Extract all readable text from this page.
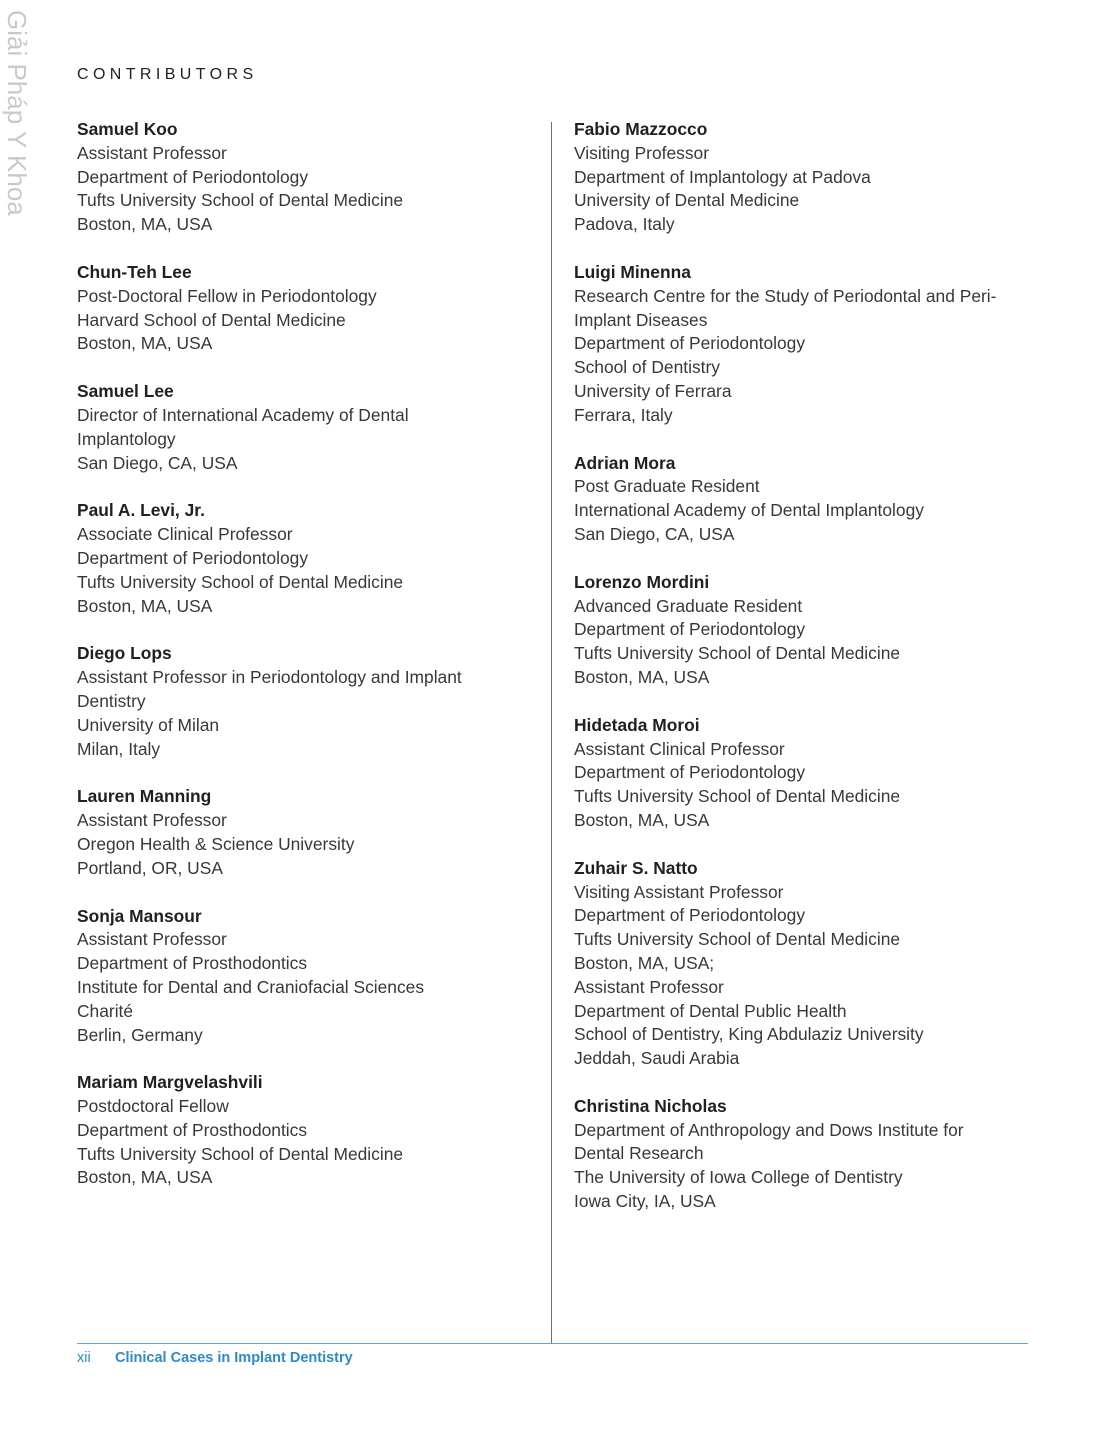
Giải Pháp Y Khoa	CONTRIBUTORS
Samuel Koo
Assistant Professor
Department of Periodontology
Tufts University School of Dental Medicine
Boston, MA, USA
Chun-Teh Lee
Post-Doctoral Fellow in Periodontology
Harvard School of Dental Medicine
Boston, MA, USA
Samuel Lee
Director of International Academy of Dental
Implantology
San Diego, CA, USA
Paul A. Levi, Jr.
Associate Clinical Professor
Department of Periodontology
Tufts University School of Dental Medicine
Boston, MA, USA
Diego Lops
Assistant Professor in Periodontology and Implant
Dentistry
University of Milan
Milan, Italy
Lauren Manning
Assistant Professor
Oregon Health & Science University
Portland, OR, USA
Sonja Mansour
Assistant Professor
Department of Prosthodontics
Institute for Dental and Craniofacial Sciences
Charité
Berlin, Germany
Mariam Margvelashvili
Postdoctoral Fellow
Department of Prosthodontics
Tufts University School of Dental Medicine
Boston, MA, USA
Fabio Mazzocco
Visiting Professor
Department of Implantology at Padova
University of Dental Medicine
Padova, Italy
Luigi Minenna
Research Centre for the Study of Periodontal and Peri-
Implant Diseases
Department of Periodontology
School of Dentistry
University of Ferrara
Ferrara, Italy
Adrian Mora
Post Graduate Resident
International Academy of Dental Implantology
San Diego, CA, USA
Lorenzo Mordini
Advanced Graduate Resident
Department of Periodontology
Tufts University School of Dental Medicine
Boston, MA, USA
Hidetada Moroi
Assistant Clinical Professor
Department of Periodontology
Tufts University School of Dental Medicine
Boston, MA, USA
Zuhair S. Natto
Visiting Assistant Professor
Department of Periodontology
Tufts University School of Dental Medicine
Boston, MA, USA;
Assistant Professor
Department of Dental Public Health
School of Dentistry, King Abdulaziz University
Jeddah, Saudi Arabia
Christina Nicholas
Department of Anthropology and Dows Institute for
Dental Research
The University of Iowa College of Dentistry
Iowa City, IA, USA
xii Clinical Cases in Implant Dentistry
